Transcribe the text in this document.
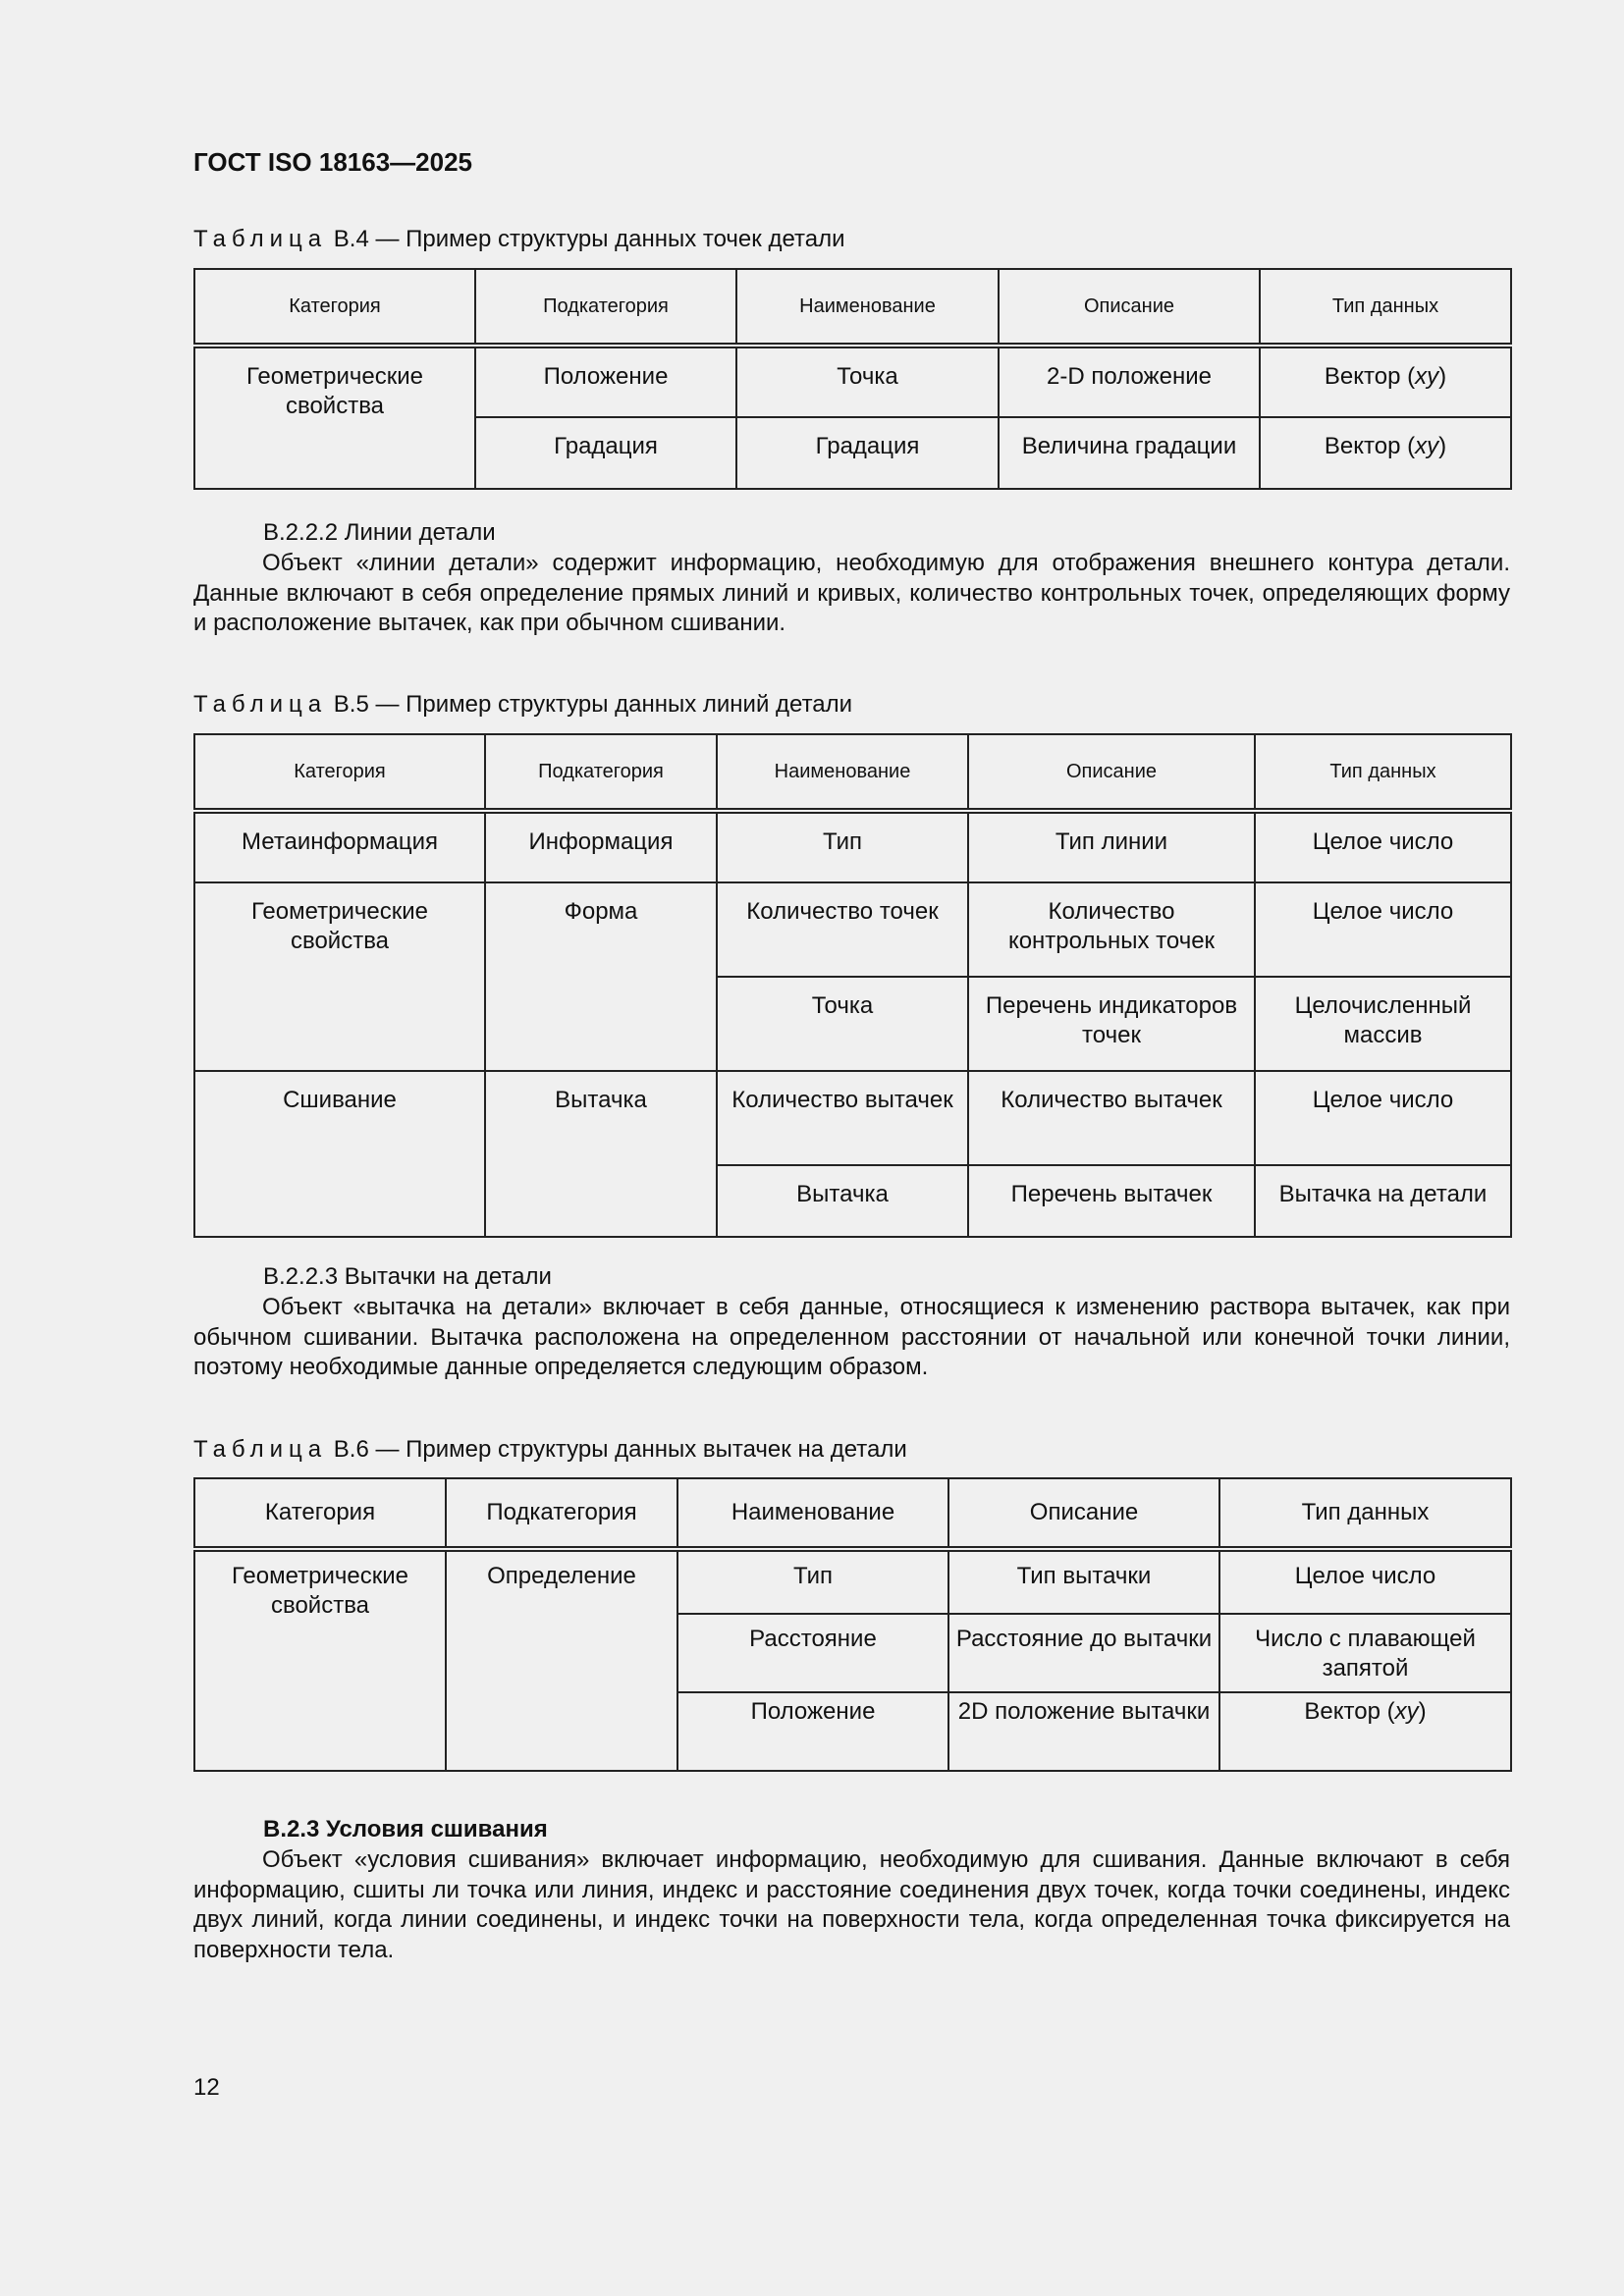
ГОСТ ISO 18163—2025
Таблица В.4 — Пример структуры данных точек детали
Категория	Подкатегория	Наименование	Описание	Тип данных
Геометрические свойства	Положение	Точка	2-D положение	Вектор (xy)
	Градация	Градация	Величина градации	Вектор (xy)
В.2.2.2 Линии детали
Объект «линии детали» содержит информацию, необходимую для отображения внешнего контура детали. Данные включают в себя определение прямых линий и кривых, количество контрольных точек, определяющих форму и расположение вытачек, как при обычном сшивании.
Таблица В.5 — Пример структуры данных линий детали
Категория	Подкатегория	Наименование	Описание	Тип данных
Метаинформация	Информация	Тип	Тип линии	Целое число
Геометрические свойства	Форма	Количество точек	Количество контрольных точек	Целое число
		Точка	Перечень индикаторов точек	Целочисленный массив
Сшивание	Вытачка	Количество вытачек	Количество вытачек	Целое число
		Вытачка	Перечень вытачек	Вытачка на детали
В.2.2.3 Вытачки на детали
Объект «вытачка на детали» включает в себя данные, относящиеся к изменению раствора вытачек, как при обычном сшивании. Вытачка расположена на определенном расстоянии от начальной или конечной точки линии, поэтому необходимые данные определяется следующим образом.
Таблица В.6 — Пример структуры данных вытачек на детали
Категория	Подкатегория	Наименование	Описание	Тип данных
Геометрические свойства	Определение	Тип	Тип вытачки	Целое число
		Расстояние	Расстояние до вытачки	Число с плавающей запятой
		Положение	2D положение вытачки	Вектор (xy)
В.2.3 Условия сшивания
Объект «условия сшивания» включает информацию, необходимую для сшивания. Данные включают в себя информацию, сшиты ли точка или линия, индекс и расстояние соединения двух точек, когда точки соединены, индекс двух линий, когда линии соединены, и индекс точки на поверхности тела, когда определенная точка фиксируется на поверхности тела.
12
